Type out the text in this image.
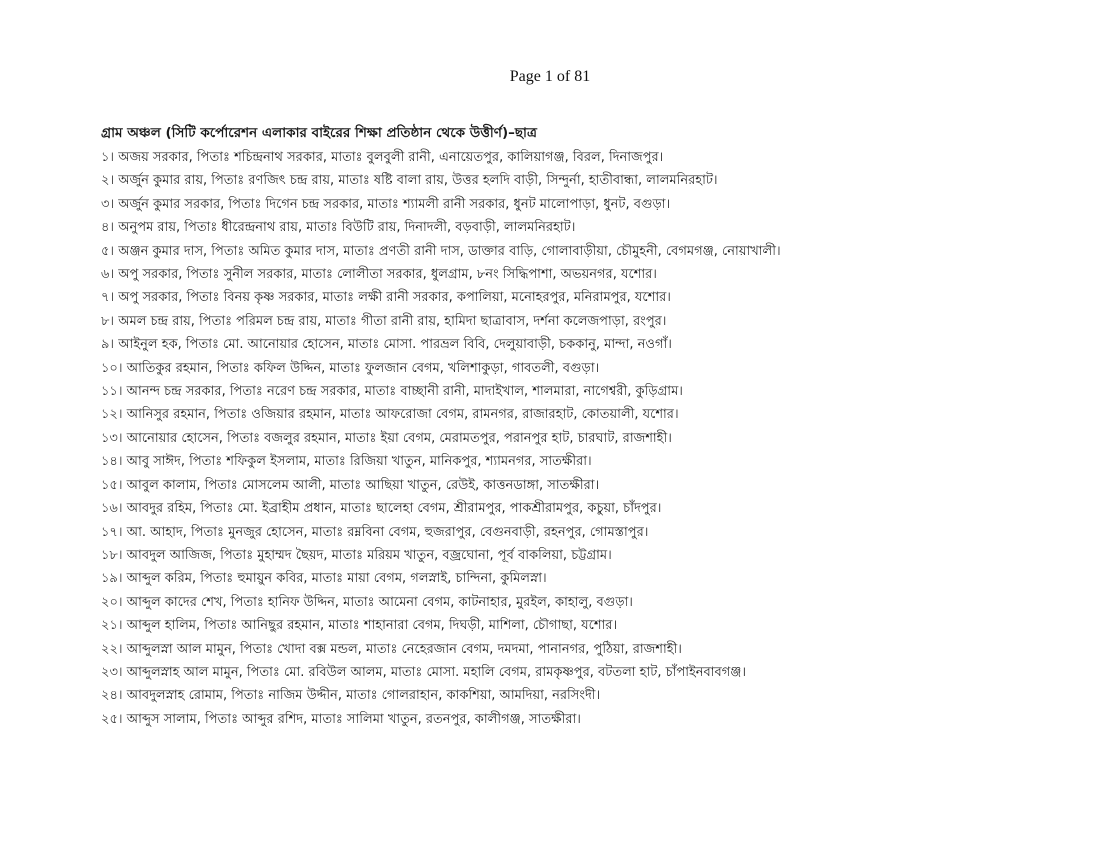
Page 1 of 81
গ্রাম অঞ্চল (সিটি কর্পোরেশন এলাকার বাইরের শিক্ষা প্রতিষ্ঠান থেকে উত্তীর্ণ)–ছাত্র
১। অজয় সরকার, পিতাঃ শচিন্দ্রনাথ সরকার, মাতাঃ বুলবুলী রানী, এনায়েতপুর, কালিয়াগঞ্জ, বিরল, দিনাজপুর।
২। অর্জুন কুমার রায়, পিতাঃ রণজিৎ চন্দ্র রায়, মাতাঃ ষষ্টি বালা রায়, উত্তর হলদি বাড়ী, সিন্দুর্না, হাতীবান্ধা, লালমনিরহাট।
৩। অর্জুন কুমার সরকার, পিতাঃ দিগেন চন্দ্র সরকার, মাতাঃ শ্যামলী রানী সরকার, ধুনট মালোপাড়া, ধুনট, বগুড়া।
৪। অনুপম রায়, পিতাঃ ধীরেন্দ্রনাথ রায়, মাতাঃ বিউটি রায়, দিনাদলী, বড়বাড়ী, লালমনিরহাট।
৫। অঞ্জন কুমার দাস, পিতাঃ অমিত কুমার দাস, মাতাঃ প্রণতী রানী দাস, ডাক্তার বাড়ি, গোলাবাড়ীয়া, চৌমুহনী, বেগমগঞ্জ, নোয়াখালী।
৬। অপু সরকার, পিতাঃ সুনীল সরকার, মাতাঃ লোলীতা সরকার, ধুলগ্রাম, ৮নং সিদ্ধিপাশা, অভয়নগর, যশোর।
৭। অপু সরকার, পিতাঃ বিনয় কৃষ্ণ সরকার, মাতাঃ লক্ষী রানী সরকার, কপালিয়া, মনোহরপুর, মনিরামপুর, যশোর।
৮। অমল চন্দ্র রায়, পিতাঃ পরিমল চন্দ্র রায়, মাতাঃ গীতা রানী রায়, হামিদা ছাত্রাবাস, দর্শনা কলেজপাড়া, রংপুর।
৯। আইনুল হক, পিতাঃ মো. আনোয়ার হোসেন, মাতাঃ মোসা. পারভ্রল বিবি, দেলুয়াবাড়ী, চককানু, মান্দা, নওগাঁ।
১০। আতিকুর রহমান, পিতাঃ কফিল উদ্দিন, মাতাঃ ফুলজান বেগম, খলিশাকুড়া, গাবতলী, বগুড়া।
১১। আনন্দ চন্দ্র সরকার, পিতাঃ নরেণ চন্দ্র সরকার, মাতাঃ বাচ্ছানী রানী, মাদাইখাল, শালমারা, নাগেশ্বরী, কুড়িগ্রাম।
১২। আনিসুর রহমান, পিতাঃ ওজিয়ার রহমান, মাতাঃ আফরোজা বেগম, রামনগর, রাজারহাট, কোতয়ালী, যশোর।
১৩। আনোয়ার হোসেন, পিতাঃ বজলুর রহমান, মাতাঃ ইয়া বেগম, মেরামতপুর, পরানপুর হাট, চারঘাট, রাজশাহী।
১৪। আবু সাঈদ, পিতাঃ শফিকুল ইসলাম, মাতাঃ রিজিয়া খাতুন, মানিকপুর, শ্যামনগর, সাতক্ষীরা।
১৫। আবুল কালাম, পিতাঃ মোসলেম আলী, মাতাঃ আছিয়া খাতুন, রেউই, কাত্তনডাঙ্গা, সাতক্ষীরা।
১৬। আবদুর রহিম, পিতাঃ মো. ইব্রাহীম প্রধান, মাতাঃ ছালেহা বেগম, শ্রীরামপুর, পাকশ্রীরামপুর, কচুয়া, চাঁদপুর।
১৭। আ. আহাদ, পিতাঃ মুনজুর হোসেন, মাতাঃ রম্নবিনা বেগম, হুজরাপুর, বেগুনবাড়ী, রহনপুর, গোমস্তাপুর।
১৮। আবদুল আজিজ, পিতাঃ মুহাম্মদ ছৈয়দ, মাতাঃ মরিয়ম খাতুন, বজ্রঘোনা, পূর্ব বাকলিয়া, চট্টগ্রাম।
১৯। আব্দুল করিম, পিতাঃ হুমায়ুন কবির, মাতাঃ মায়া বেগম, গলস্নাই, চান্দিনা, কুমিলস্না।
২০। আব্দুল কাদের শেখ, পিতাঃ হানিফ উদ্দিন, মাতাঃ আমেনা বেগম, কাটনাহার, মুরইল, কাহালু, বগুড়া।
২১। আব্দুল হালিম, পিতাঃ আনিছুর রহমান, মাতাঃ শাহানারা বেগম, দিঘড়ী, মাশিলা, চৌগাছা, যশোর।
২২। আব্দুলস্না আল মামুন, পিতাঃ খোদা বক্স মন্ডল, মাতাঃ নেহেরজান বেগম, দমদমা, পানানগর, পুঠিয়া, রাজশাহী।
২৩। আব্দুলস্নাহ আল মামুন, পিতাঃ মো. রবিউল আলম, মাতাঃ মোসা. মহালি বেগম, রামকৃষ্ণপুর, বটতলা হাট, চাঁপাইনবাবগঞ্জ।
২৪। আবদুলস্নাহ রোমাম, পিতাঃ নাজিম উদ্দীন, মাতাঃ গোলরাহান, কাকশিয়া, আমদিয়া, নরসিংদী।
২৫। আব্দুস সালাম, পিতাঃ আব্দুর রশিদ, মাতাঃ সালিমা খাতুন, রতনপুর, কালীগঞ্জ, সাতক্ষীরা।
